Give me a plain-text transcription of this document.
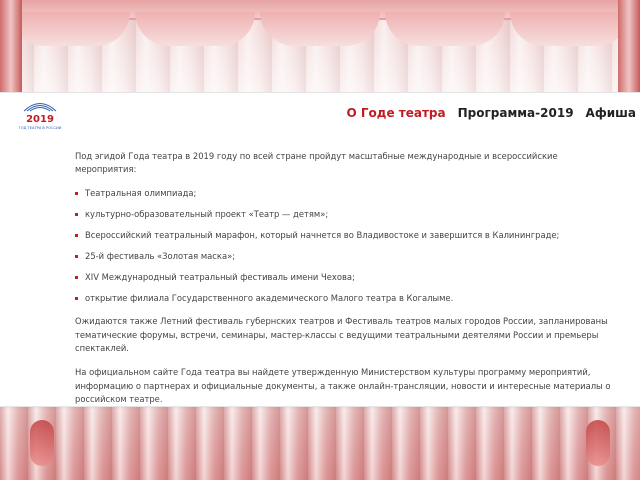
2019
ГОД ТЕАТРА В РОССИИ
О Годе театра Программа-2019 Афиша

Под эгидой Года театра в 2019 году по всей стране пройдут масштабные международные и всероссийские мероприятия:

Театральная олимпиада;
культурно-образовательный проект «Театр — детям»;
Всероссийский театральный марафон, который начнется во Владивостоке и завершится в Калининграде;
25-й фестиваль «Золотая маска»;
XIV Международный театральный фестиваль имени Чехова;
открытие филиала Государственного академического Малого театра в Когалыме.

Ожидаются также Летний фестиваль губернских театров и Фестиваль театров малых городов России, запланированы тематические форумы, встречи, семинары, мастер-классы с ведущими театральными деятелями России и премьеры спектаклей.

На официальном сайте Года театра вы найдете утвержденную Министерством культуры программу мероприятий, информацию о партнерах и официальные документы, а также онлайн-трансляции, новости и интересные материалы о российском театре.
